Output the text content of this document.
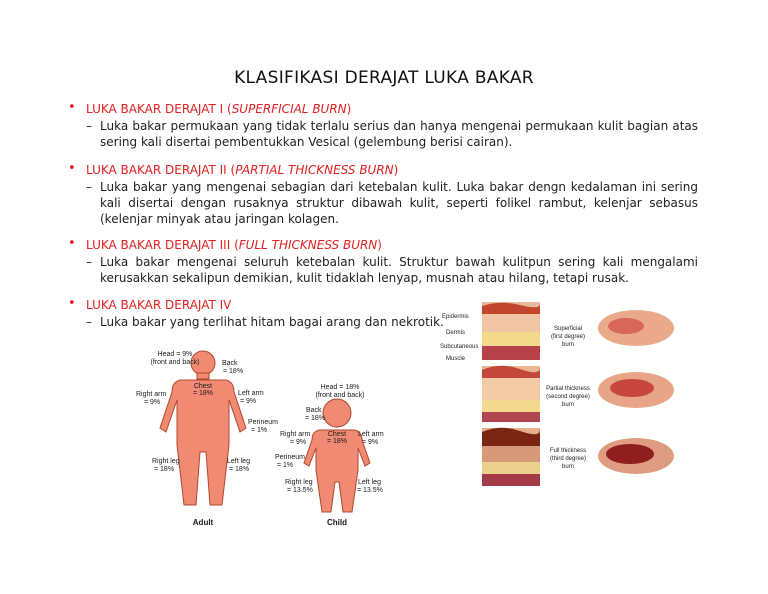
KLASIFIKASI DERAJAT LUKA BAKAR
• LUKA BAKAR DERAJAT I (SUPERFICIAL BURN)
– Luka bakar permukaan yang tidak terlalu serius dan hanya mengenai permukaan kulit bagian atas sering kali disertai pembentukkan Vesical (gelembung berisi cairan).
• LUKA BAKAR DERAJAT II (PARTIAL THICKNESS BURN)
– Luka bakar yang mengenai sebagian dari ketebalan kulit. Luka bakar dengn kedalaman ini sering kali disertai dengan rusaknya struktur dibawah kulit, seperti folikel rambut, kelenjar sebasus (kelenjar minyak atau jaringan kolagen.
• LUKA BAKAR DERAJAT III (FULL THICKNESS BURN)
– Luka bakar mengenai seluruh ketebalan kulit. Struktur bawah kulitpun sering kali mengalami kerusakkan sekalipun demikian, kulit tidaklah lenyap, musnah atau hilang, tetapi rusak.
• LUKA BAKAR DERAJAT IV
– Luka bakar yang terlihat hitam bagai arang dan nekrotik.
Head = 9%
(front and back)	Back
= 18%
Chest
= 18%
Right arm
= 9%
Left arm
= 9%
Perineum
= 1%
Right leg
= 18%
Left leg
= 18%
Adult
Head = 18%
(front and back)
Back
= 18%
Chest
= 18%
Right arm
= 9%
Left arm
= 9%
Perineum
= 1%
Right leg
= 13.5%
Left leg
= 13.5%
Child
Epidermis
Dermis
Subcutaneous
Muscle
Superficial
(first degree)
burn
Partial thickness
(second degree)
burn
Full thickness
(third degree)
burn
